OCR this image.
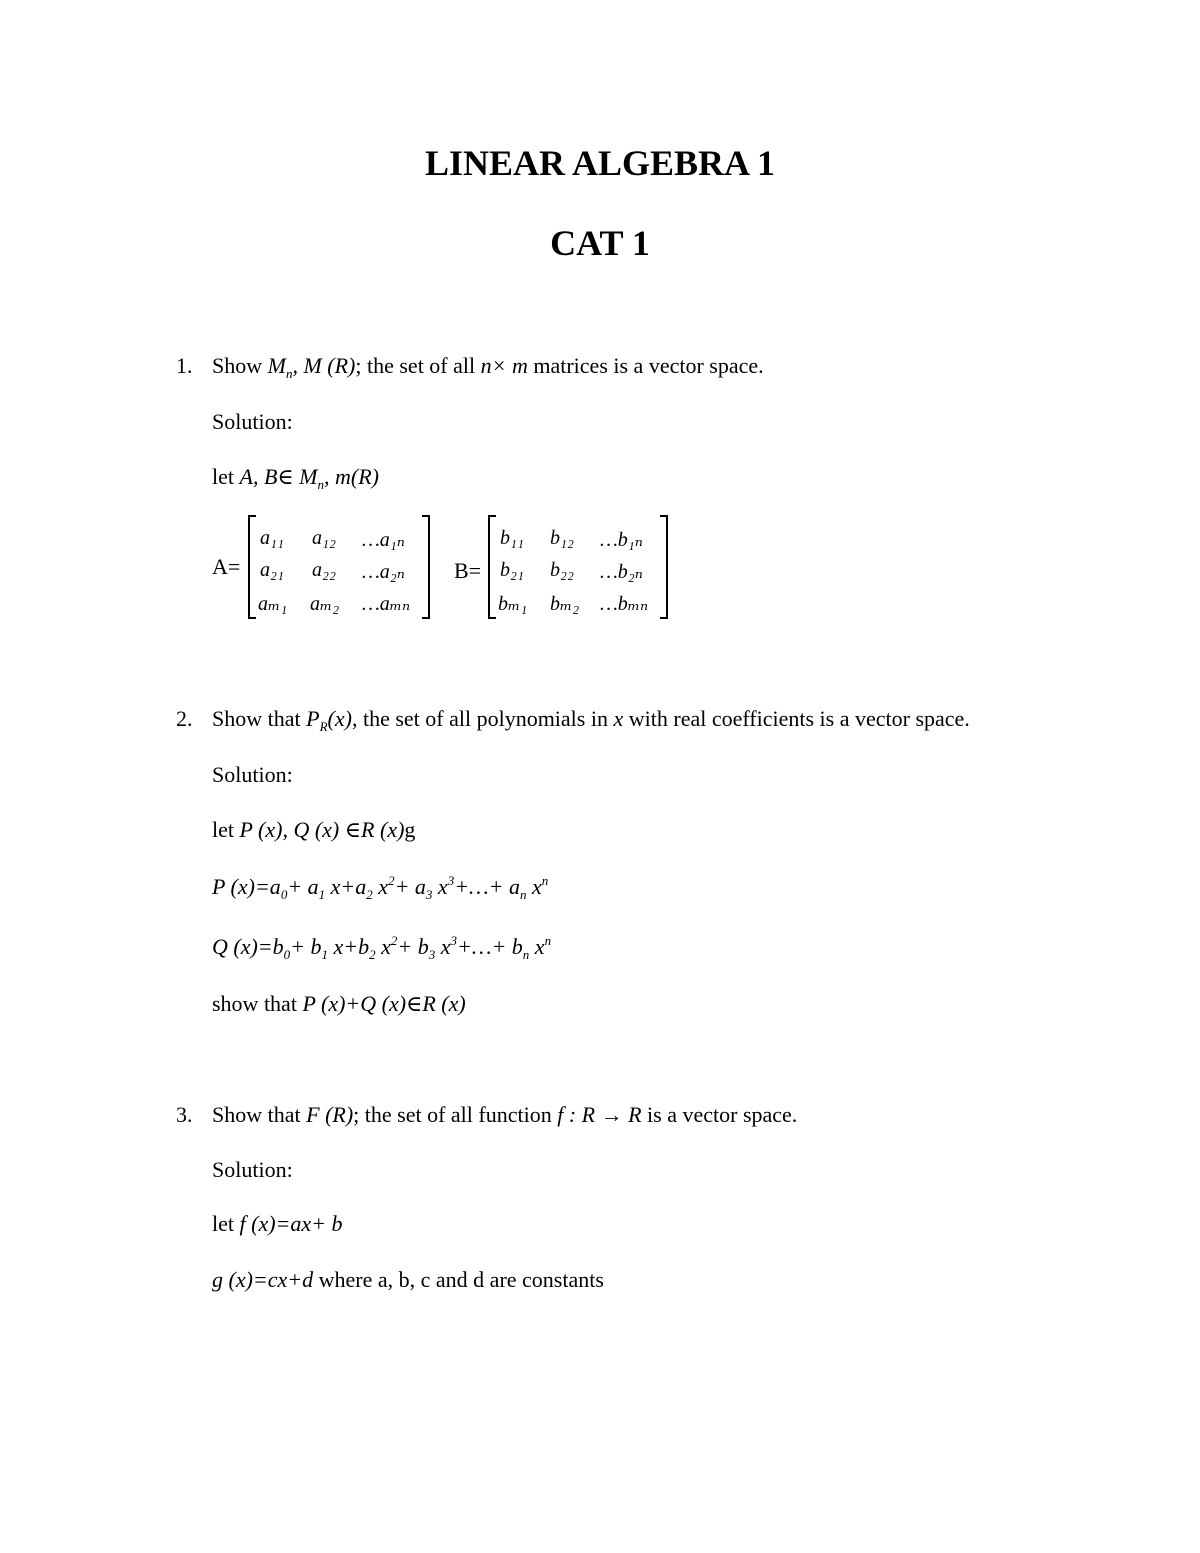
LINEAR ALGEBRA 1
CAT 1
1. Show $M_n$, M (R); the set of all n× m matrices is a vector space.
Solution:
let A, B∈ $M_n$, m(R)
A=
a₁₁ a₁₂ …a₁ₙ
a₂₁ a₂₂ …a₂ₙ
aₘ₁ aₘ₂ …aₘₙ
B=
b₁₁ b₁₂ …b₁ₙ
b₂₁ b₂₂ …b₂ₙ
bₘ₁ bₘ₂ …bₘₙ
2. Show that $P_R(x)$, the set of all polynomials in x with real coefficients is a vector space.
Solution:
let P (x), Q (x) ∈R (x)g
P $(x)=a_0+ a_1$ $x+a_2$ $x^2+ a_3$ $x^3+\dots+ a_n$ $x^n$
Q $(x)=b_0+ b_1$ $x+b_2$ $x^2+ b_3$ $x^3+\dots+ b_n$ $x^n$
show that P (x)+Q (x)∈R (x)
3. Show that F (R); the set of all function f : R → R is a vector space.
Solution:
let f (x)=ax+ b
g (x)=cx+d where a, b, c and d are constants
